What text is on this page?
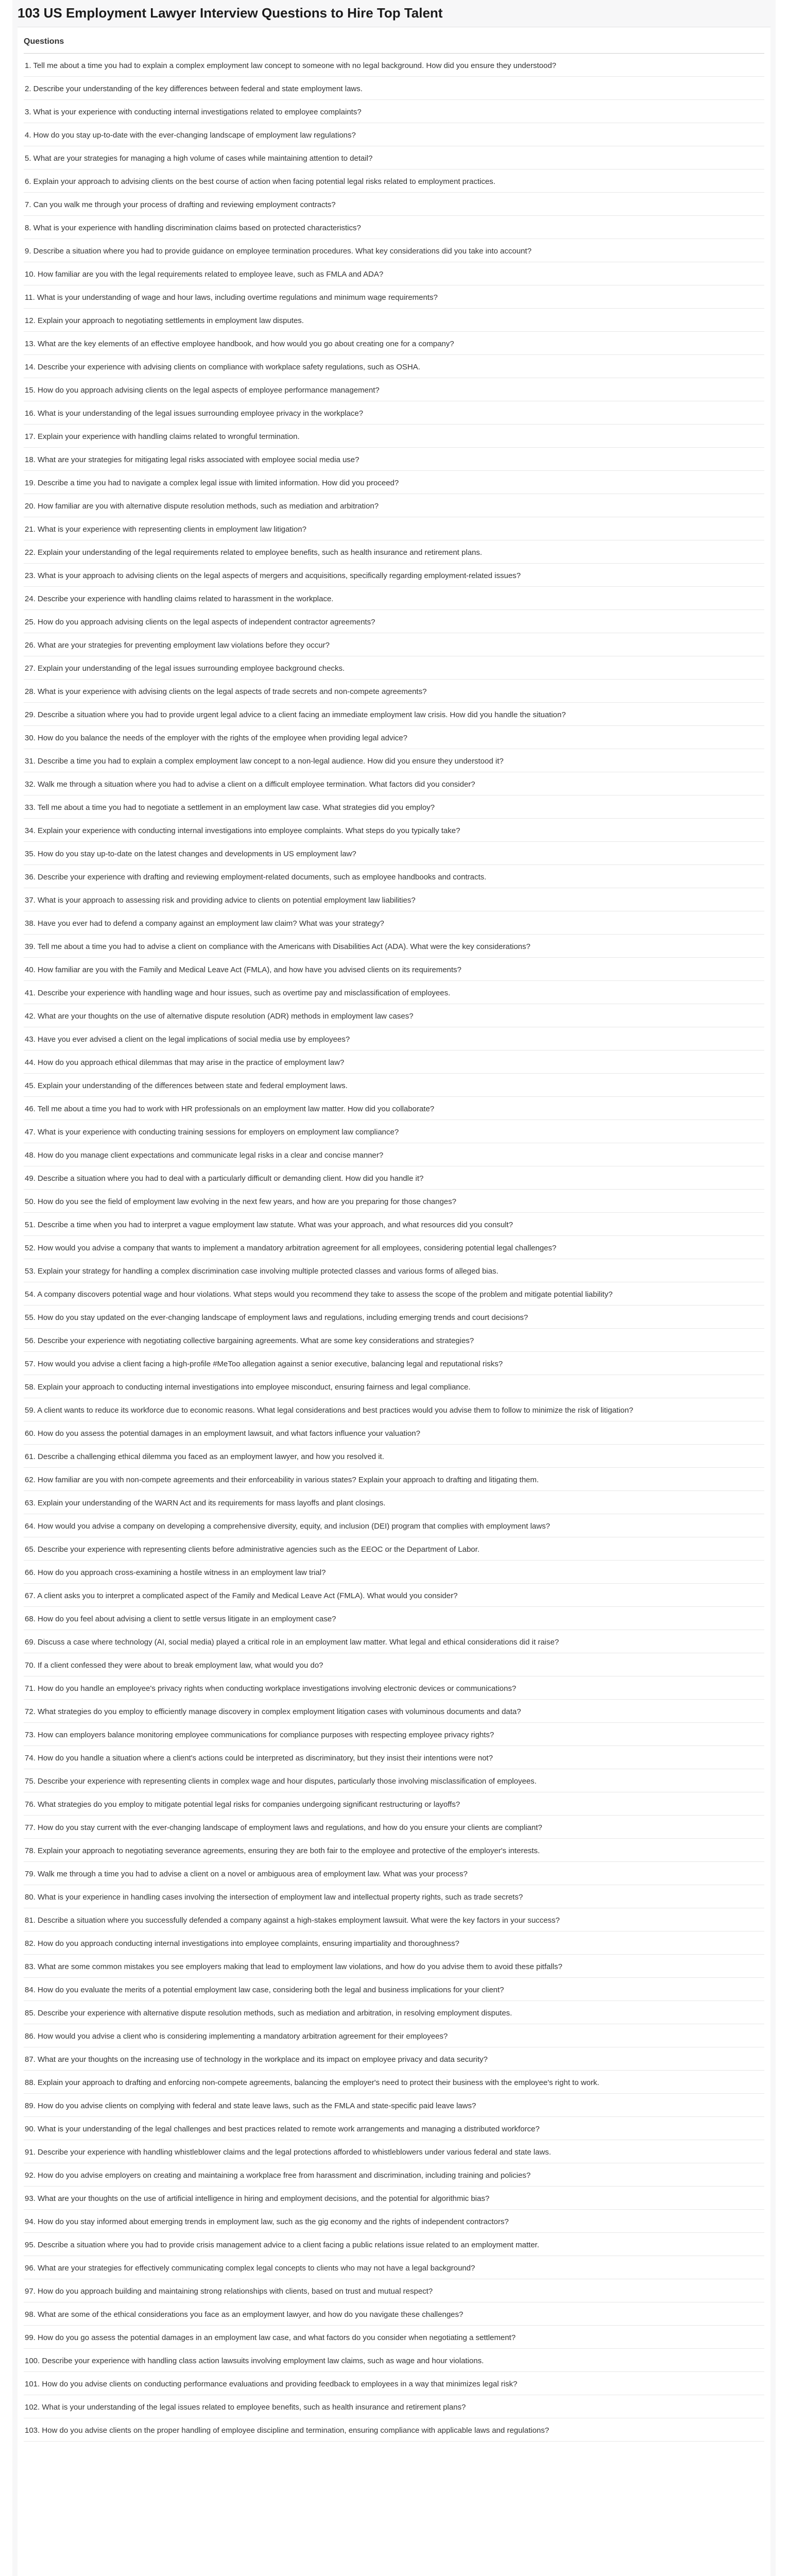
103 US Employment Lawyer Interview Questions to Hire Top Talent
Questions
1. Tell me about a time you had to explain a complex employment law concept to someone with no legal background. How did you ensure they understood?
2. Describe your understanding of the key differences between federal and state employment laws.
3. What is your experience with conducting internal investigations related to employee complaints?
4. How do you stay up-to-date with the ever-changing landscape of employment law regulations?
5. What are your strategies for managing a high volume of cases while maintaining attention to detail?
6. Explain your approach to advising clients on the best course of action when facing potential legal risks related to employment practices.
7. Can you walk me through your process of drafting and reviewing employment contracts?
8. What is your experience with handling discrimination claims based on protected characteristics?
9. Describe a situation where you had to provide guidance on employee termination procedures. What key considerations did you take into account?
10. How familiar are you with the legal requirements related to employee leave, such as FMLA and ADA?
11. What is your understanding of wage and hour laws, including overtime regulations and minimum wage requirements?
12. Explain your approach to negotiating settlements in employment law disputes.
13. What are the key elements of an effective employee handbook, and how would you go about creating one for a company?
14. Describe your experience with advising clients on compliance with workplace safety regulations, such as OSHA.
15. How do you approach advising clients on the legal aspects of employee performance management?
16. What is your understanding of the legal issues surrounding employee privacy in the workplace?
17. Explain your experience with handling claims related to wrongful termination.
18. What are your strategies for mitigating legal risks associated with employee social media use?
19. Describe a time you had to navigate a complex legal issue with limited information. How did you proceed?
20. How familiar are you with alternative dispute resolution methods, such as mediation and arbitration?
21. What is your experience with representing clients in employment law litigation?
22. Explain your understanding of the legal requirements related to employee benefits, such as health insurance and retirement plans.
23. What is your approach to advising clients on the legal aspects of mergers and acquisitions, specifically regarding employment-related issues?
24. Describe your experience with handling claims related to harassment in the workplace.
25. How do you approach advising clients on the legal aspects of independent contractor agreements?
26. What are your strategies for preventing employment law violations before they occur?
27. Explain your understanding of the legal issues surrounding employee background checks.
28. What is your experience with advising clients on the legal aspects of trade secrets and non-compete agreements?
29. Describe a situation where you had to provide urgent legal advice to a client facing an immediate employment law crisis. How did you handle the situation?
30. How do you balance the needs of the employer with the rights of the employee when providing legal advice?
31. Describe a time you had to explain a complex employment law concept to a non-legal audience. How did you ensure they understood it?
32. Walk me through a situation where you had to advise a client on a difficult employee termination. What factors did you consider?
33. Tell me about a time you had to negotiate a settlement in an employment law case. What strategies did you employ?
34. Explain your experience with conducting internal investigations into employee complaints. What steps do you typically take?
35. How do you stay up-to-date on the latest changes and developments in US employment law?
36. Describe your experience with drafting and reviewing employment-related documents, such as employee handbooks and contracts.
37. What is your approach to assessing risk and providing advice to clients on potential employment law liabilities?
38. Have you ever had to defend a company against an employment law claim? What was your strategy?
39. Tell me about a time you had to advise a client on compliance with the Americans with Disabilities Act (ADA). What were the key considerations?
40. How familiar are you with the Family and Medical Leave Act (FMLA), and how have you advised clients on its requirements?
41. Describe your experience with handling wage and hour issues, such as overtime pay and misclassification of employees.
42. What are your thoughts on the use of alternative dispute resolution (ADR) methods in employment law cases?
43. Have you ever advised a client on the legal implications of social media use by employees?
44. How do you approach ethical dilemmas that may arise in the practice of employment law?
45. Explain your understanding of the differences between state and federal employment laws.
46. Tell me about a time you had to work with HR professionals on an employment law matter. How did you collaborate?
47. What is your experience with conducting training sessions for employers on employment law compliance?
48. How do you manage client expectations and communicate legal risks in a clear and concise manner?
49. Describe a situation where you had to deal with a particularly difficult or demanding client. How did you handle it?
50. How do you see the field of employment law evolving in the next few years, and how are you preparing for those changes?
51. Describe a time when you had to interpret a vague employment law statute. What was your approach, and what resources did you consult?
52. How would you advise a company that wants to implement a mandatory arbitration agreement for all employees, considering potential legal challenges?
53. Explain your strategy for handling a complex discrimination case involving multiple protected classes and various forms of alleged bias.
54. A company discovers potential wage and hour violations. What steps would you recommend they take to assess the scope of the problem and mitigate potential liability?
55. How do you stay updated on the ever-changing landscape of employment laws and regulations, including emerging trends and court decisions?
56. Describe your experience with negotiating collective bargaining agreements. What are some key considerations and strategies?
57. How would you advise a client facing a high-profile #MeToo allegation against a senior executive, balancing legal and reputational risks?
58. Explain your approach to conducting internal investigations into employee misconduct, ensuring fairness and legal compliance.
59. A client wants to reduce its workforce due to economic reasons. What legal considerations and best practices would you advise them to follow to minimize the risk of litigation?
60. How do you assess the potential damages in an employment lawsuit, and what factors influence your valuation?
61. Describe a challenging ethical dilemma you faced as an employment lawyer, and how you resolved it.
62. How familiar are you with non-compete agreements and their enforceability in various states? Explain your approach to drafting and litigating them.
63. Explain your understanding of the WARN Act and its requirements for mass layoffs and plant closings.
64. How would you advise a company on developing a comprehensive diversity, equity, and inclusion (DEI) program that complies with employment laws?
65. Describe your experience with representing clients before administrative agencies such as the EEOC or the Department of Labor.
66. How do you approach cross-examining a hostile witness in an employment law trial?
67. A client asks you to interpret a complicated aspect of the Family and Medical Leave Act (FMLA). What would you consider?
68. How do you feel about advising a client to settle versus litigate in an employment case?
69. Discuss a case where technology (AI, social media) played a critical role in an employment law matter. What legal and ethical considerations did it raise?
70. If a client confessed they were about to break employment law, what would you do?
71. How do you handle an employee's privacy rights when conducting workplace investigations involving electronic devices or communications?
72. What strategies do you employ to efficiently manage discovery in complex employment litigation cases with voluminous documents and data?
73. How can employers balance monitoring employee communications for compliance purposes with respecting employee privacy rights?
74. How do you handle a situation where a client's actions could be interpreted as discriminatory, but they insist their intentions were not?
75. Describe your experience with representing clients in complex wage and hour disputes, particularly those involving misclassification of employees.
76. What strategies do you employ to mitigate potential legal risks for companies undergoing significant restructuring or layoffs?
77. How do you stay current with the ever-changing landscape of employment laws and regulations, and how do you ensure your clients are compliant?
78. Explain your approach to negotiating severance agreements, ensuring they are both fair to the employee and protective of the employer's interests.
79. Walk me through a time you had to advise a client on a novel or ambiguous area of employment law. What was your process?
80. What is your experience in handling cases involving the intersection of employment law and intellectual property rights, such as trade secrets?
81. Describe a situation where you successfully defended a company against a high-stakes employment lawsuit. What were the key factors in your success?
82. How do you approach conducting internal investigations into employee complaints, ensuring impartiality and thoroughness?
83. What are some common mistakes you see employers making that lead to employment law violations, and how do you advise them to avoid these pitfalls?
84. How do you evaluate the merits of a potential employment law case, considering both the legal and business implications for your client?
85. Describe your experience with alternative dispute resolution methods, such as mediation and arbitration, in resolving employment disputes.
86. How would you advise a client who is considering implementing a mandatory arbitration agreement for their employees?
87. What are your thoughts on the increasing use of technology in the workplace and its impact on employee privacy and data security?
88. Explain your approach to drafting and enforcing non-compete agreements, balancing the employer's need to protect their business with the employee's right to work.
89. How do you advise clients on complying with federal and state leave laws, such as the FMLA and state-specific paid leave laws?
90. What is your understanding of the legal challenges and best practices related to remote work arrangements and managing a distributed workforce?
91. Describe your experience with handling whistleblower claims and the legal protections afforded to whistleblowers under various federal and state laws.
92. How do you advise employers on creating and maintaining a workplace free from harassment and discrimination, including training and policies?
93. What are your thoughts on the use of artificial intelligence in hiring and employment decisions, and the potential for algorithmic bias?
94. How do you stay informed about emerging trends in employment law, such as the gig economy and the rights of independent contractors?
95. Describe a situation where you had to provide crisis management advice to a client facing a public relations issue related to an employment matter.
96. What are your strategies for effectively communicating complex legal concepts to clients who may not have a legal background?
97. How do you approach building and maintaining strong relationships with clients, based on trust and mutual respect?
98. What are some of the ethical considerations you face as an employment lawyer, and how do you navigate these challenges?
99. How do you go assess the potential damages in an employment law case, and what factors do you consider when negotiating a settlement?
100. Describe your experience with handling class action lawsuits involving employment law claims, such as wage and hour violations.
101. How do you advise clients on conducting performance evaluations and providing feedback to employees in a way that minimizes legal risk?
102. What is your understanding of the legal issues related to employee benefits, such as health insurance and retirement plans?
103. How do you advise clients on the proper handling of employee discipline and termination, ensuring compliance with applicable laws and regulations?
